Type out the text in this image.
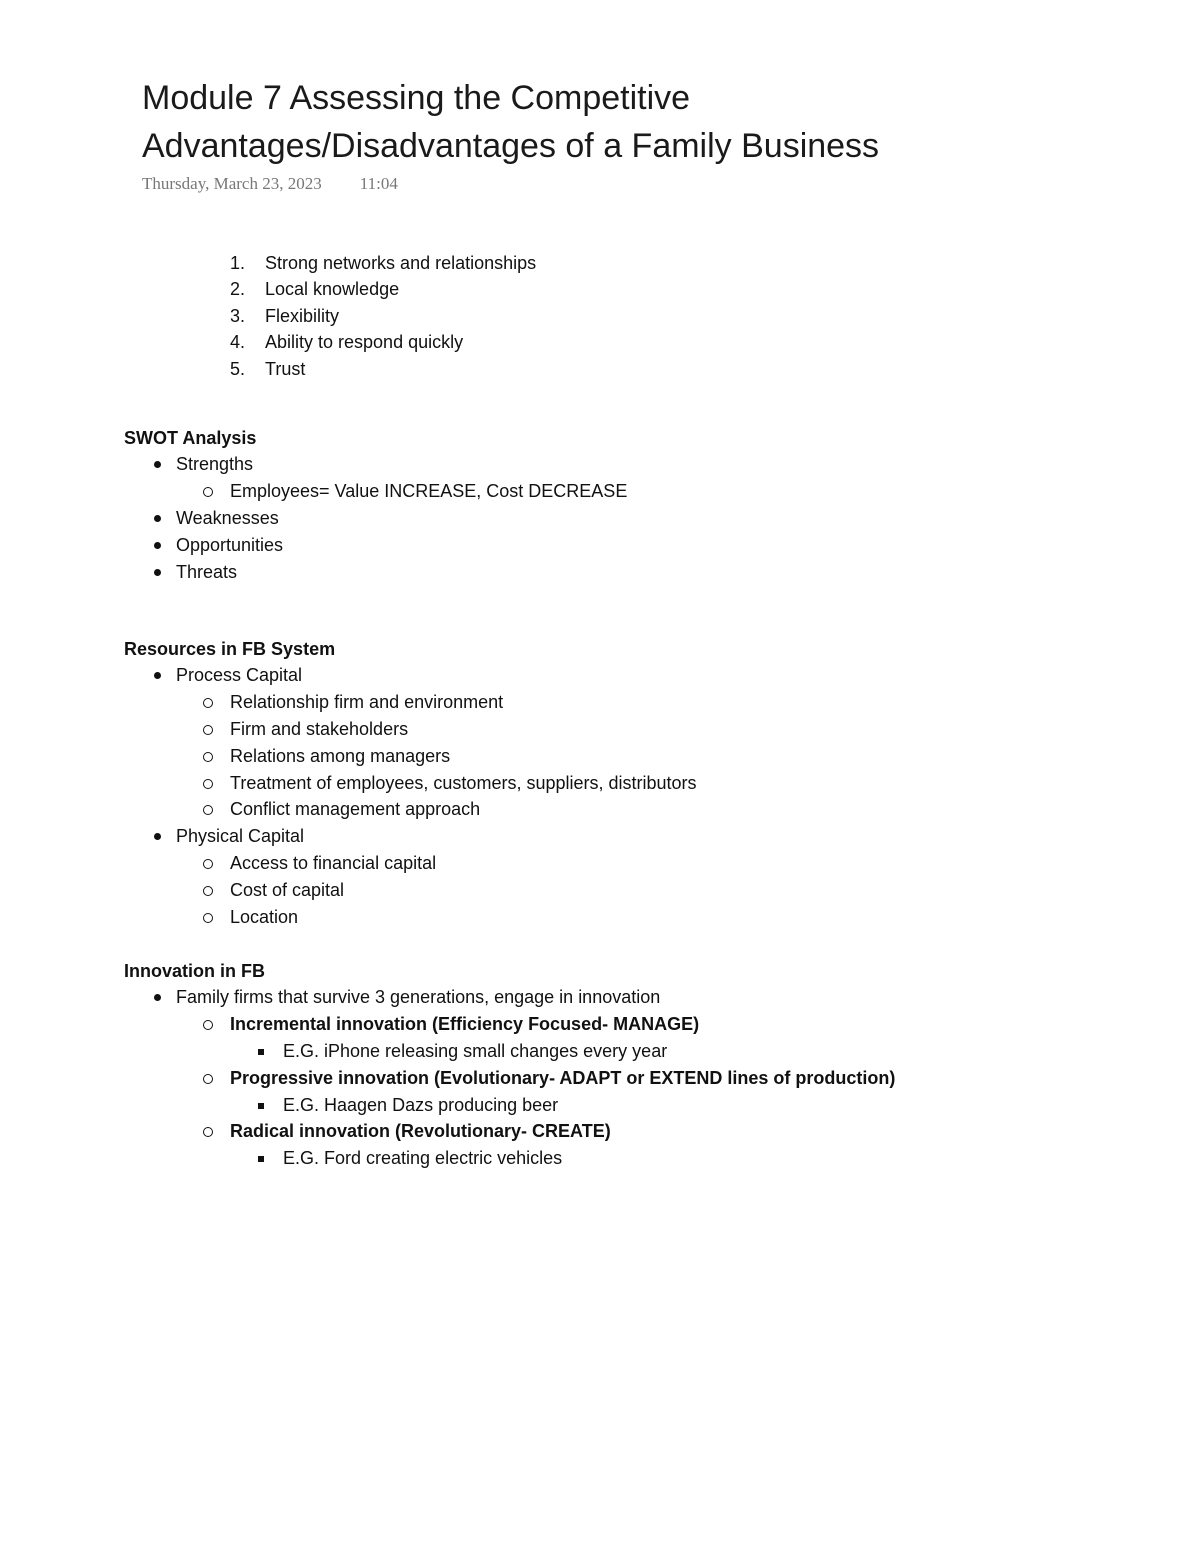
Module 7 Assessing the Competitive
Advantages/Disadvantages of a Family Business
Thursday, March 23, 2023 11:04
1. Strong networks and relationships
2. Local knowledge
3. Flexibility
4. Ability to respond quickly
5. Trust
SWOT Analysis
Strengths
Employees= Value INCREASE, Cost DECREASE
Weaknesses
Opportunities
Threats
Resources in FB System
Process Capital
Relationship firm and environment
Firm and stakeholders
Relations among managers
Treatment of employees, customers, suppliers, distributors
Conflict management approach
Physical Capital
Access to financial capital
Cost of capital
Location
Innovation in FB
Family firms that survive 3 generations, engage in innovation
Incremental innovation (Efficiency Focused- MANAGE)
E.G. iPhone releasing small changes every year
Progressive innovation (Evolutionary- ADAPT or EXTEND lines of production)
E.G. Haagen Dazs producing beer
Radical innovation (Revolutionary- CREATE)
E.G. Ford creating electric vehicles
